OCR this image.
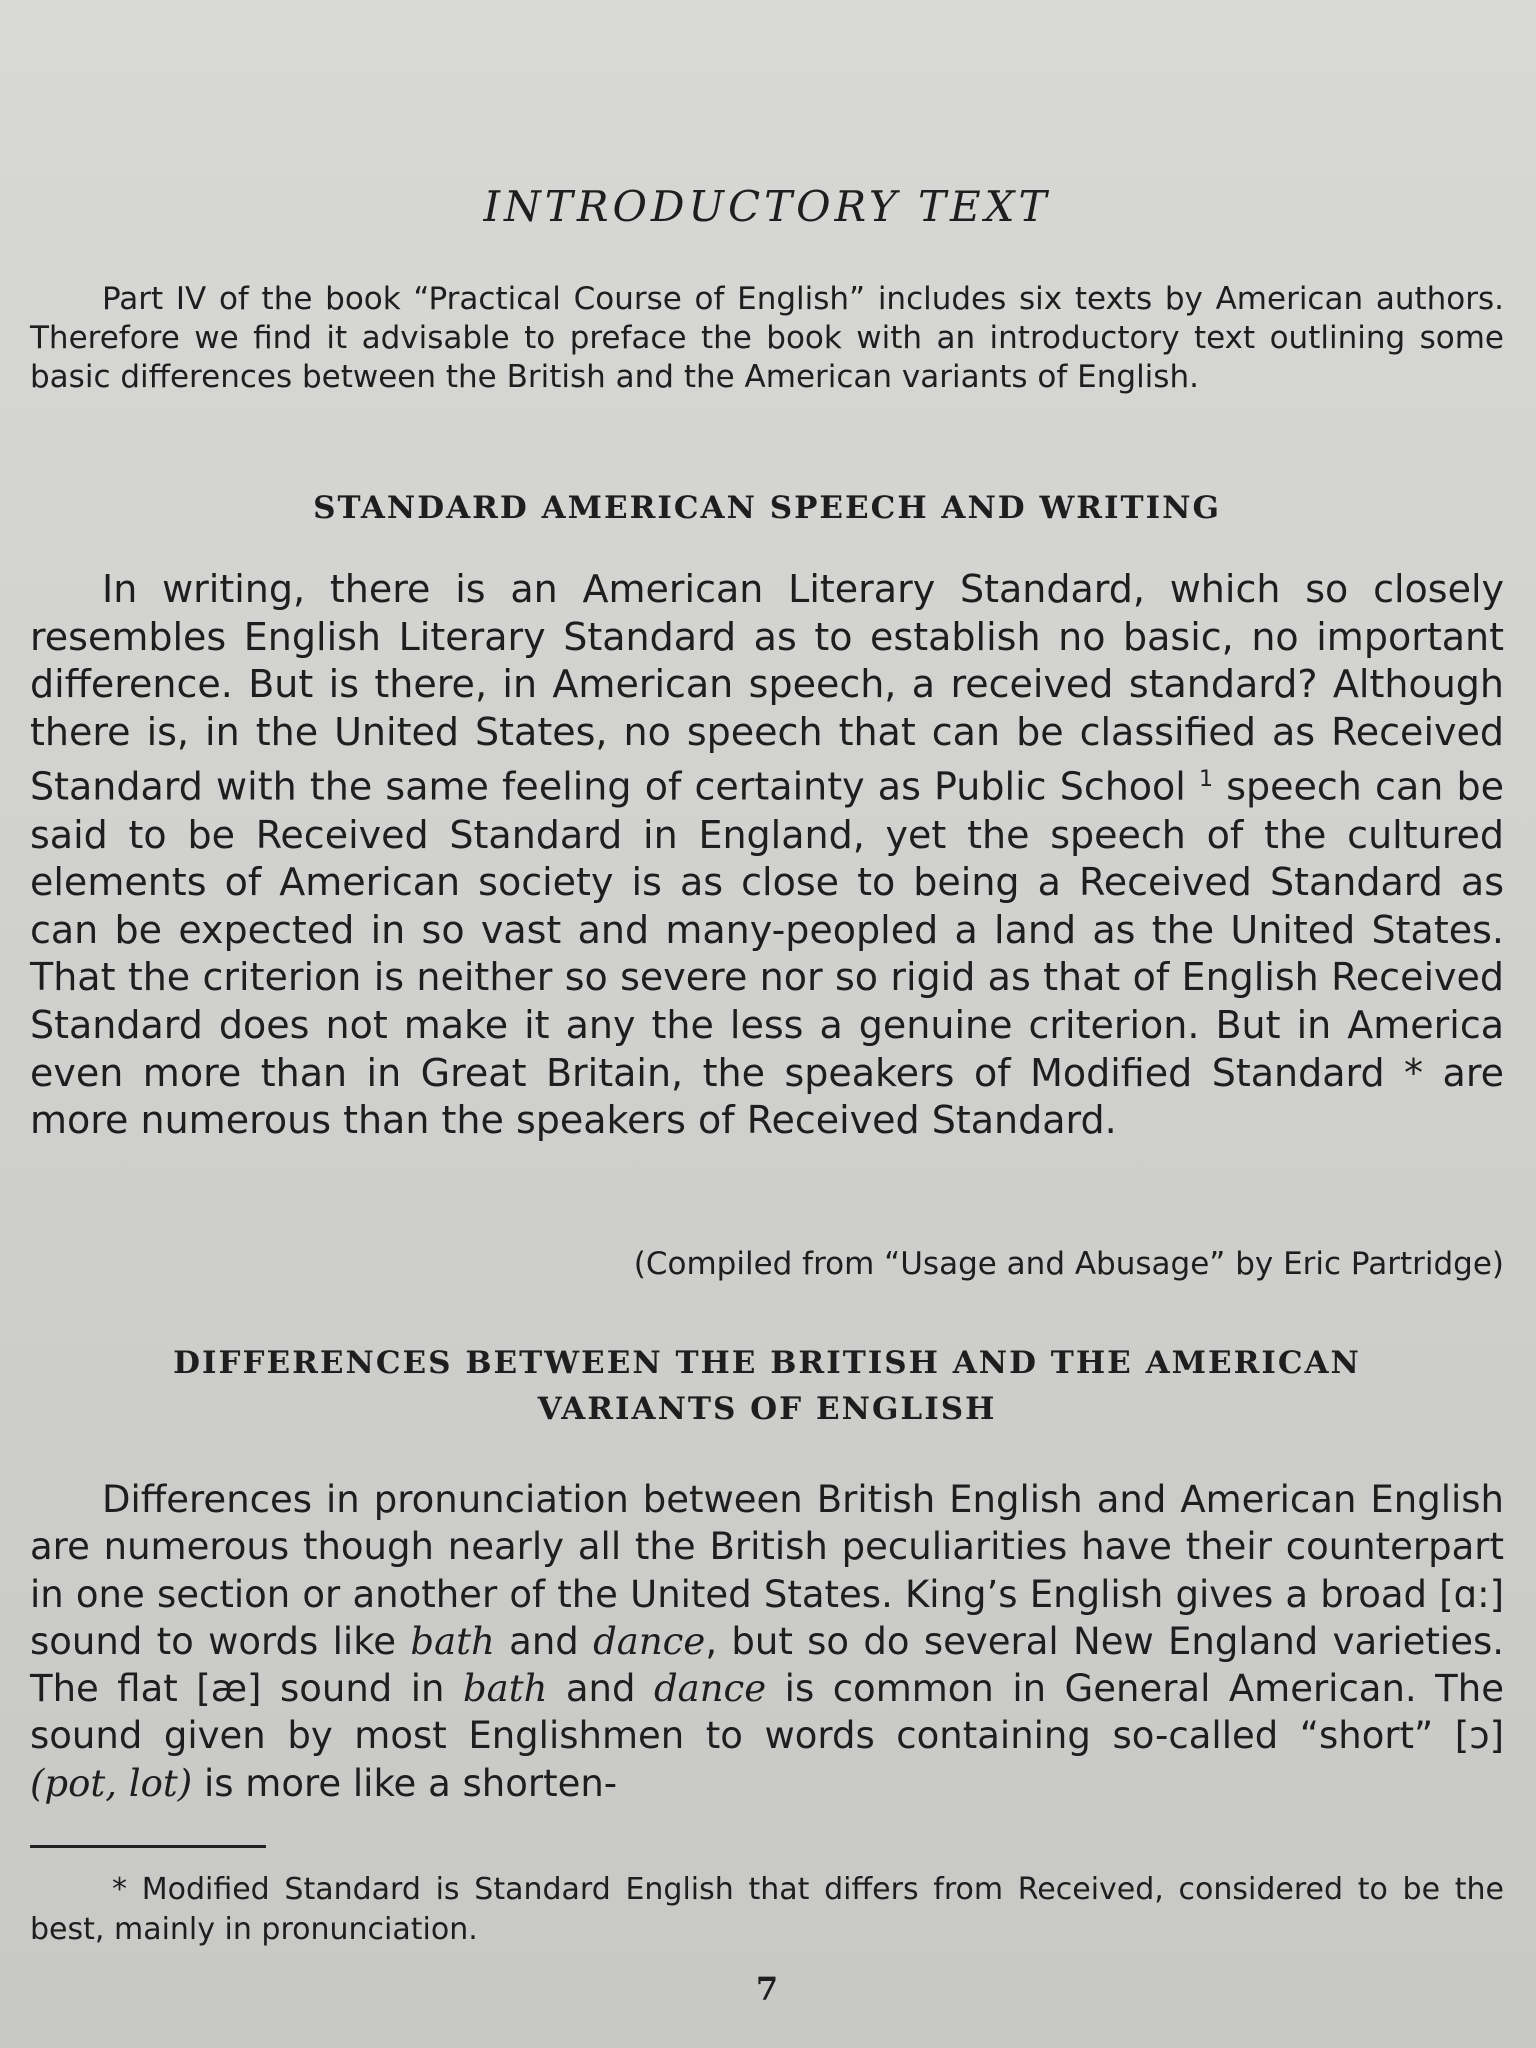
INTRODUCTORY TEXT
Part IV of the book “Practical Course of English” includes six texts by American authors. Therefore we find it advisable to preface the book with an introductory text outlining some basic differences between the British and the American variants of English.
STANDARD AMERICAN SPEECH AND WRITING
In writing, there is an American Literary Standard, which so closely resembles English Literary Standard as to establish no basic, no important difference. But is there, in American speech, a received standard? Although there is, in the United States, no speech that can be classified as Received Standard with the same feeling of certainty as Public School $^1$ speech can be said to be Received Standard in England, yet the speech of the cultured elements of American society is as close to being a Received Standard as can be expected in so vast and many-peopled a land as the United States. That the criterion is neither so severe nor so rigid as that of English Received Standard does not make it any the less a genuine criterion. But in America even more than in Great Britain, the speakers of Modified Standard * are more numerous than the speakers of Received Standard.
(Compiled from “Usage and Abusage” by Eric Partridge)
DIFFERENCES BETWEEN THE BRITISH AND THE AMERICAN
VARIANTS OF ENGLISH
Differences in pronunciation between British English and American English are numerous though nearly all the British peculiarities have their counterpart in one section or another of the United States. King’s English gives a broad [ɑ:] sound to words like bath and dance, but so do several New England varieties. The flat [æ] sound in bath and dance is common in General American. The sound given by most Englishmen to words containing so-called “short” [ɔ] (pot, lot) is more like a shorten-
* Modified Standard is Standard English that differs from Received, considered to be the best, mainly in pronunciation.
7
